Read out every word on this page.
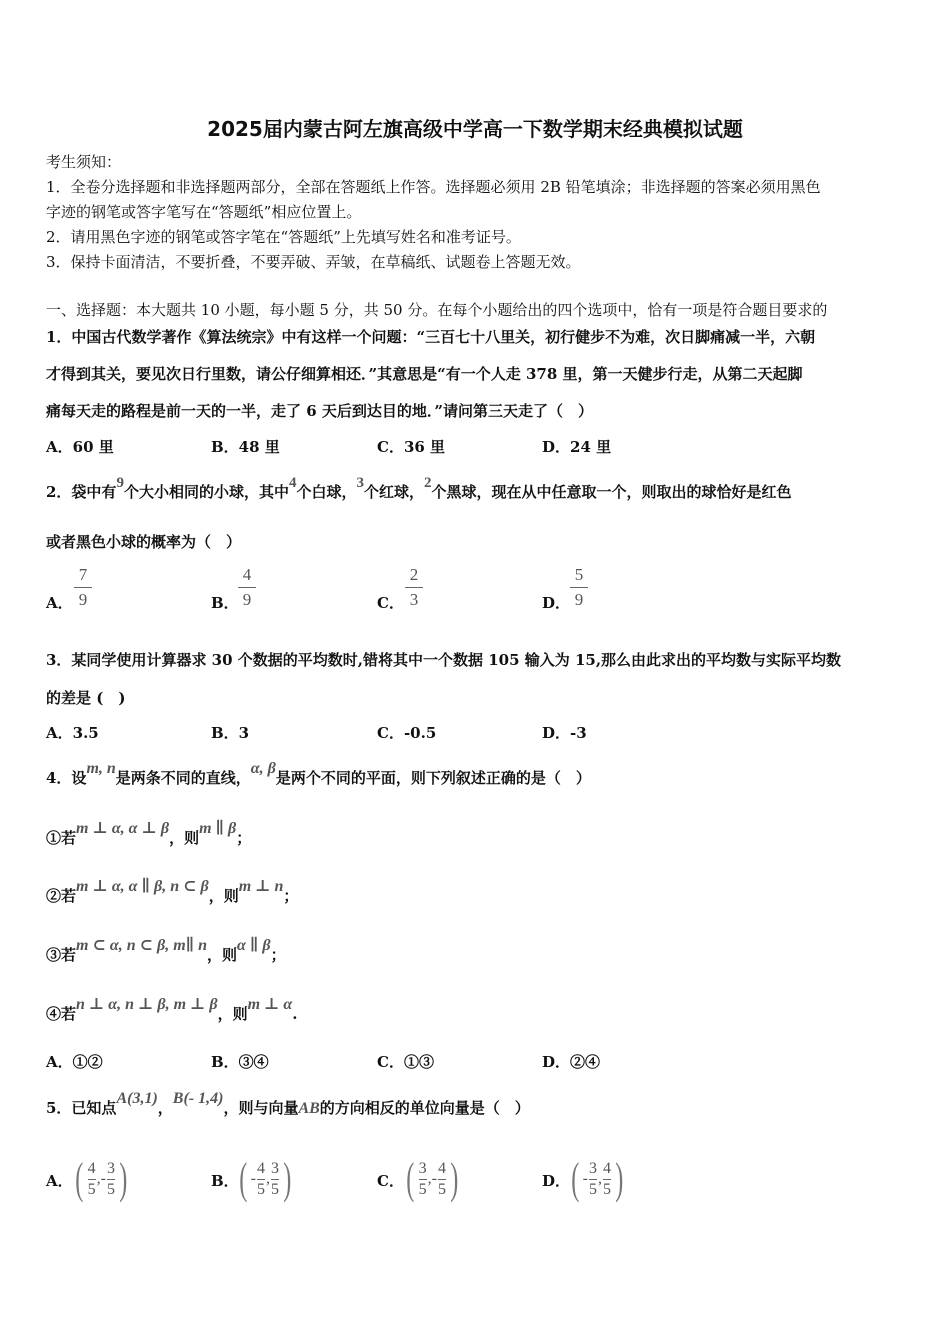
2025届内蒙古阿左旗高级中学高一下数学期末经典模拟试题
考生须知：
1．全卷分选择题和非选择题两部分，全部在答题纸上作答。选择题必须用 2B 铅笔填涂；非选择题的答案必须用黑色
字迹的钢笔或答字笔写在“答题纸”相应位置上。
2．请用黑色字迹的钢笔或答字笔在“答题纸”上先填写姓名和准考证号。
3．保持卡面清洁，不要折叠，不要弄破、弄皱，在草稿纸、试题卷上答题无效。
一、选择题：本大题共 10 小题，每小题 5 分，共 50 分。在每个小题给出的四个选项中，恰有一项是符合题目要求的
1．中国古代数学著作《算法统宗》中有这样一个问题：“三百七十八里关，初行健步不为难，次日脚痛减一半，六朝
才得到其关，要见次日行里数，请公仔细算相还．”其意思是“有一个人走 378 里，第一天健步行走，从第二天起脚
痛每天走的路程是前一天的一半，走了 6 天后到达目的地．”请问第三天走了（　）
A．60 里	B．48 里	C．36 里	D．24 里
2．袋中有9个大小相同的小球，其中4个白球，3个红球，2个黑球，现在从中任意取一个，则取出的球恰好是红色
或者黑色小球的概率为（　）
A．
7
9	B．
4
9	C．
2
3	D．
5
9
3．某同学使用计算器求 30 个数据的平均数时,错将其中一个数据 105 输入为 15,那么由此求出的平均数与实际平均数
的差是 (　)
A．3.5	B．3	C．-0.5	D．-3
4．设m, n是两条不同的直线，α, β是两个不同的平面，则下列叙述正确的是（　）
①若m ⊥ α, α ⊥ β，则m ∥ β；
②若m ⊥ α, α ∥ β, n ⊂ β，则m ⊥ n；
③若m ⊂ α, n ⊂ β, m∥ n，则α ∥ β；
④若n ⊥ α, n ⊥ β, m ⊥ β，则m ⊥ α.
A．①②	B．③④	C．①③	D．②④
5．已知点A(3,1)，B(- 1,4)，则与向量AB的方向相反的单位向量是（　）
A． ( 4
5
,-
3
5 )	B． ( -
4
5
,
3
5 )	C． ( 3
5
,-
4
5 )	D． ( -
3
5
,
4
5 )
